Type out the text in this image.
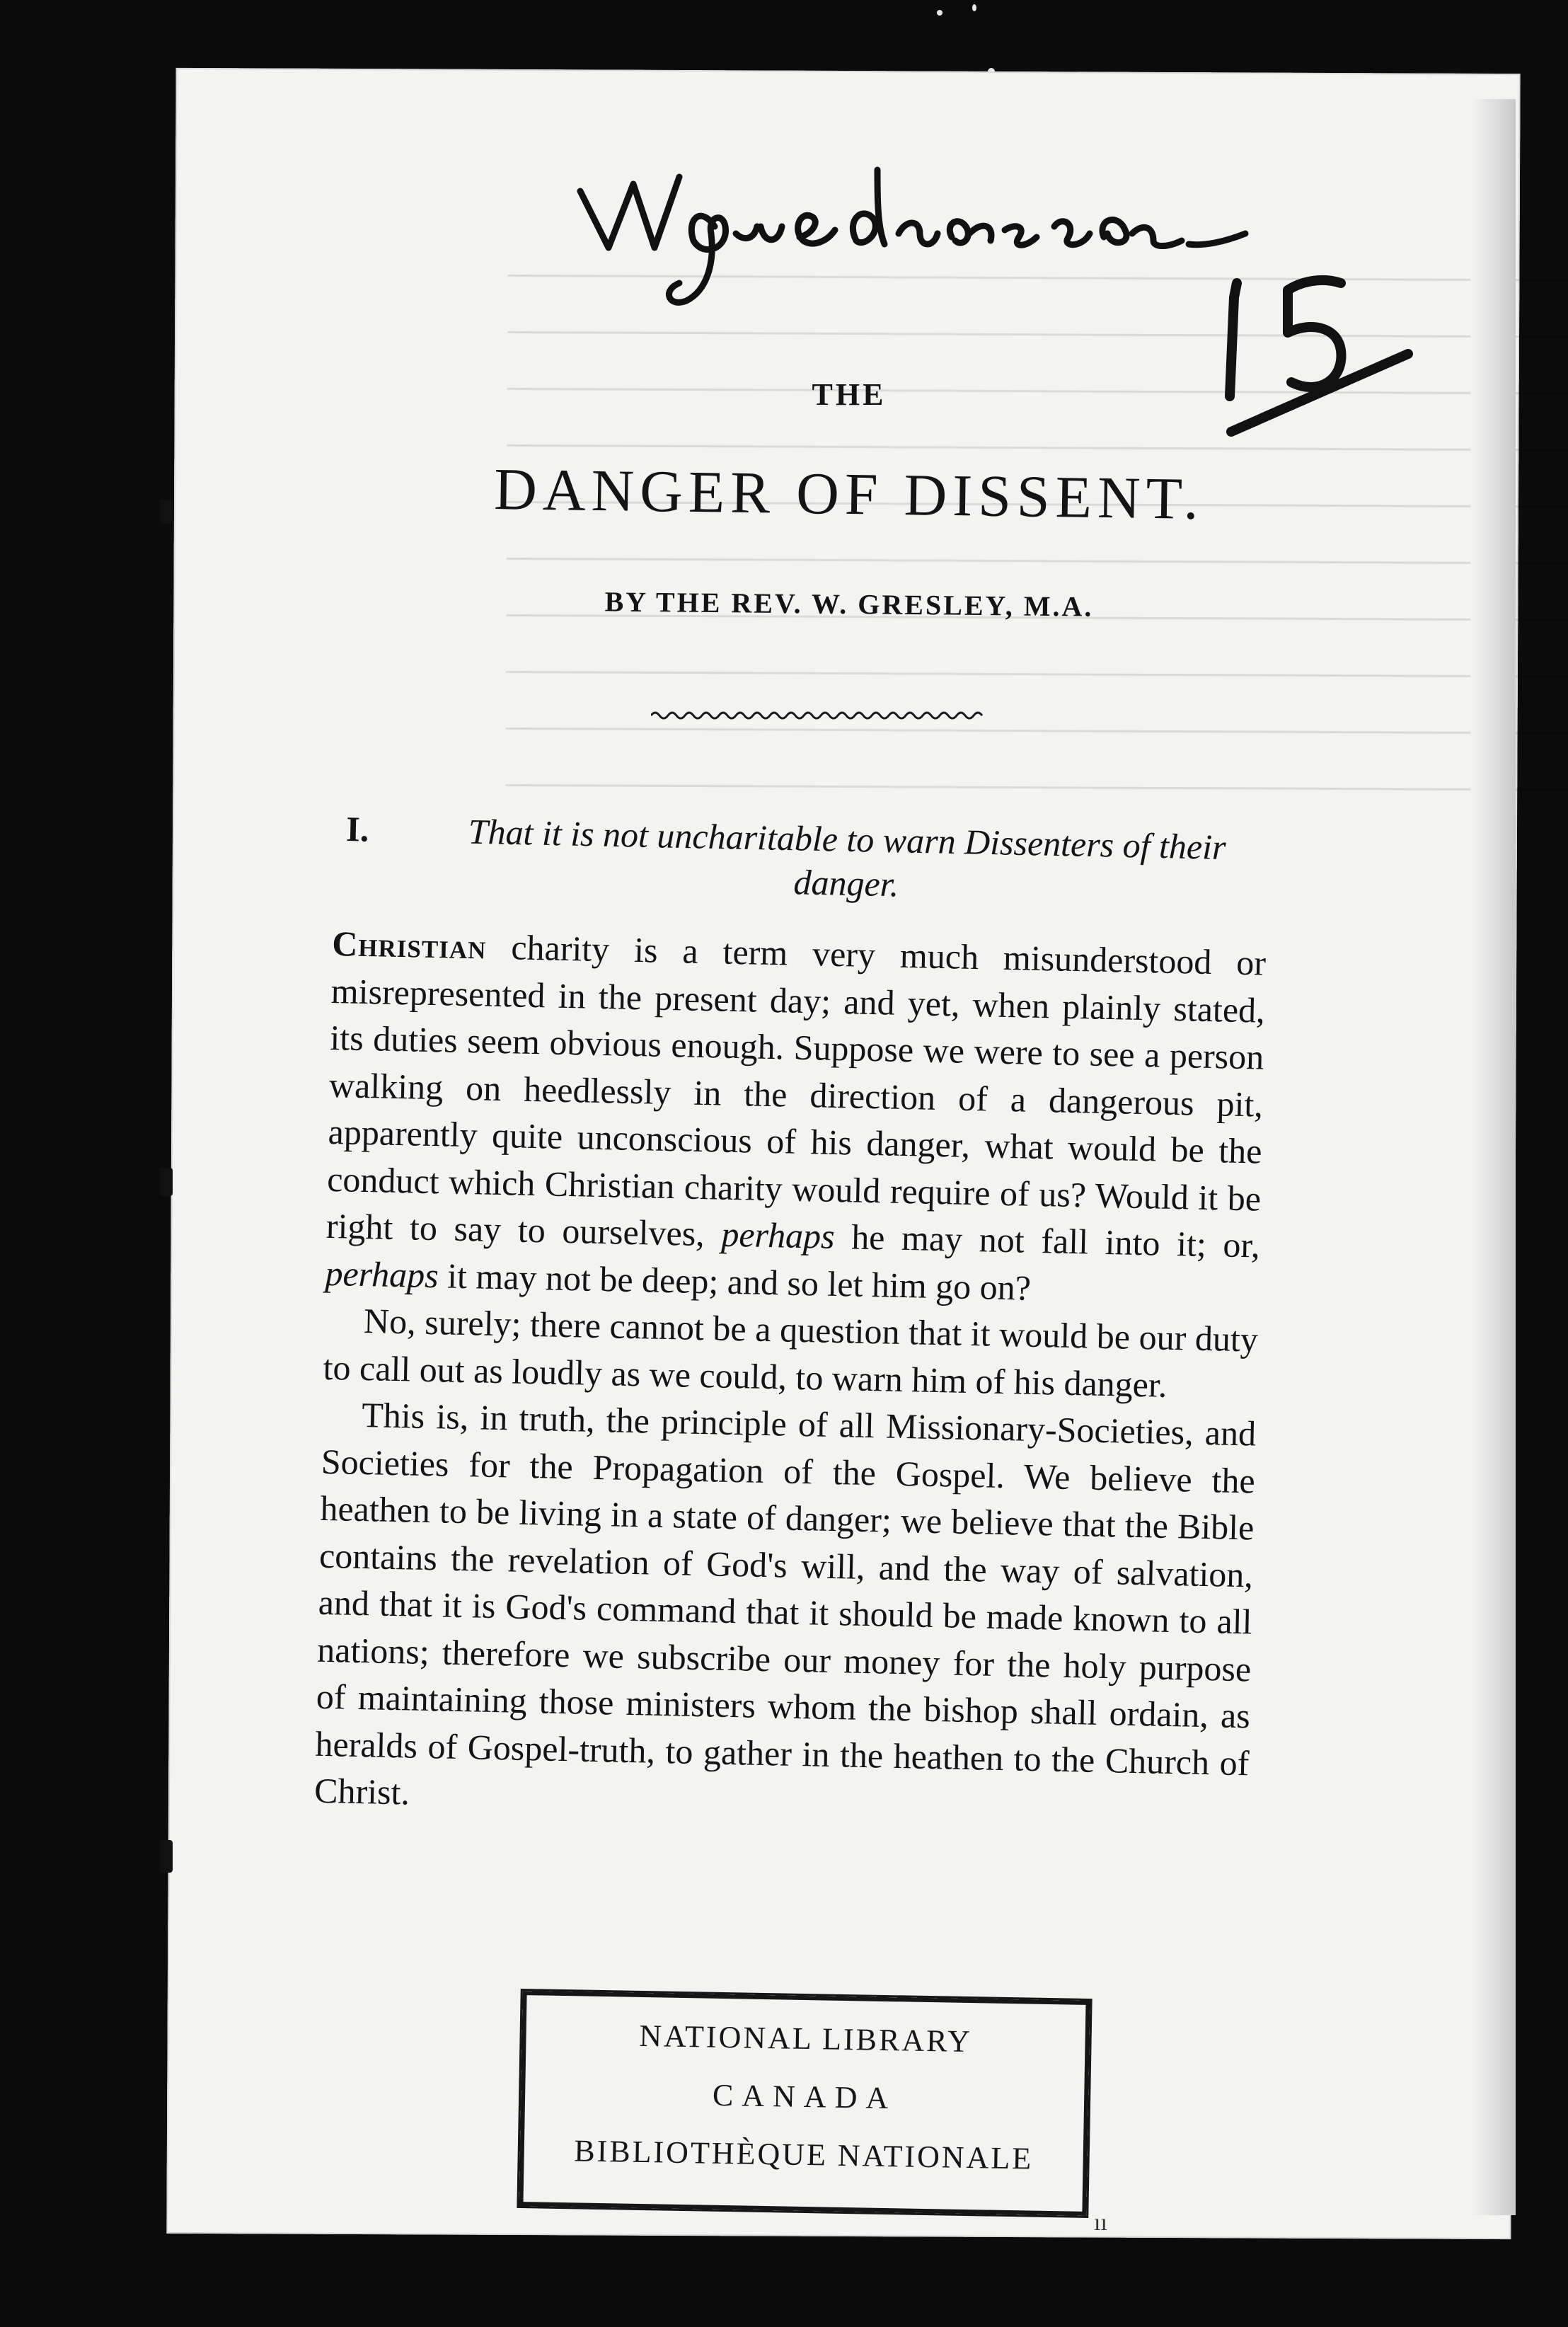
THE
DANGER OF DISSENT.
BY THE REV. W. GRESLEY, M.A.
I.	That it is not uncharitable to warn Dissenters of their danger.

Christian charity is a term very much misunderstood or misrepresented in the present day; and yet, when plainly stated, its duties seem obvious enough. Suppose we were to see a person walking on heedlessly in the direction of a dangerous pit, apparently quite unconscious of his danger, what would be the conduct which Christian charity would require of us? Would it be right to say to ourselves, perhaps he may not fall into it; or, perhaps it may not be deep; and so let him go on?

No, surely; there cannot be a question that it would be our duty to call out as loudly as we could, to warn him of his danger.

This is, in truth, the principle of all Missionary-Societies, and Societies for the Propagation of the Gospel. We believe the heathen to be living in a state of danger; we believe that the Bible contains the revelation of God's will, and the way of salvation, and that it is God's command that it should be made known to all nations; therefore we subscribe our money for the holy purpose of maintaining those ministers whom the bishop shall ordain, as heralds of Gospel-truth, to gather in the heathen to the Church of Christ.

NATIONAL LIBRARY
CANADA
BIBLIOTHÈQUE NATIONALE
ıı
